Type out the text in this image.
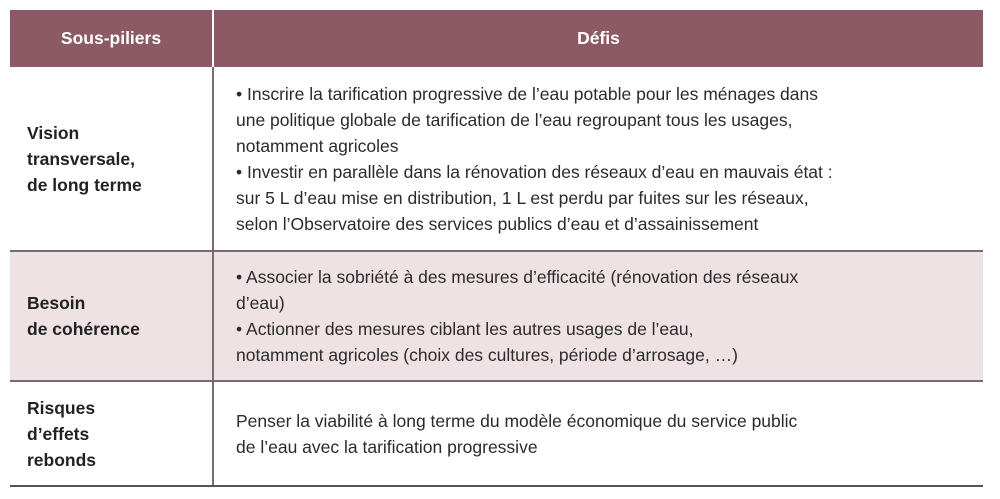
Sous-piliers	Défis
Vision
transversale,
de long terme
• Inscrire la tarification progressive de l’eau potable pour les ménages dans
une politique globale de tarification de l’eau regroupant tous les usages,
notamment agricoles
• Investir en parallèle dans la rénovation des réseaux d’eau en mauvais état :
sur 5 L d’eau mise en distribution, 1 L est perdu par fuites sur les réseaux,
selon l’Observatoire des services publics d’eau et d’assainissement
Besoin
de cohérence
• Associer la sobriété à des mesures d’efficacité (rénovation des réseaux
d’eau)
• Actionner des mesures ciblant les autres usages de l’eau,
notamment agricoles (choix des cultures, période d’arrosage, …)
Risques
d’effets
rebonds
Penser la viabilité à long terme du modèle économique du service public
de l’eau avec la tarification progressive
